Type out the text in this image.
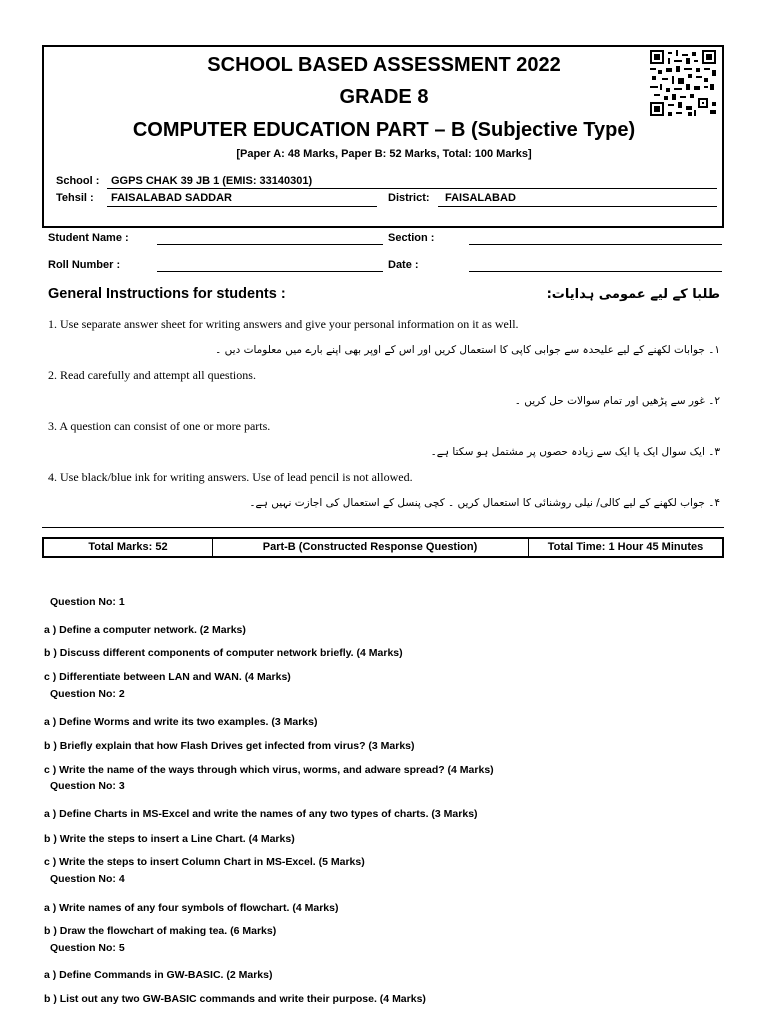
SCHOOL BASED ASSESSMENT 2022
GRADE 8
COMPUTER EDUCATION PART – B (Subjective Type)
[Paper A: 48 Marks, Paper B: 52 Marks, Total: 100 Marks]
School : GGPS CHAK 39 JB 1 (EMIS: 33140301)
Tehsil : FAISALABAD SADDAR	District: FAISALABAD
Student Name :	Section :
Roll Number :	Date :
General Instructions for students :	طلبا کے لیے عمومی ہدایات:
1. Use separate answer sheet for writing answers and give your personal information on it as well.
۱۔ جوابات لکھنے کے لیے علیحدہ سے جوابی کاپی کا استعمال کریں اور اس کے اوپر بھی اپنے بارے میں معلومات دیں ۔
2. Read carefully and attempt all questions.
۲۔ غور سے پڑھیں اور تمام سوالات حل کریں ۔
3. A question can consist of one or more parts.
۳۔ ایک سوال ایک یا ایک سے زیادہ حصوں پر مشتمل ہو سکتا ہے۔
4. Use black/blue ink for writing answers. Use of lead pencil is not allowed.
۴۔ جواب لکھنے کے لیے کالی/ نیلی روشنائی کا استعمال کریں ۔ کچی پنسل کے استعمال کی اجازت نہیں ہے۔
Total Marks: 52	Part-B (Constructed Response Question)	Total Time: 1 Hour 45 Minutes
Question No: 1
a ) Define a computer network. (2 Marks)
b ) Discuss different components of computer network briefly. (4 Marks)
c ) Differentiate between LAN and WAN. (4 Marks)
Question No: 2
a ) Define Worms and write its two examples. (3 Marks)
b ) Briefly explain that how Flash Drives get infected from virus? (3 Marks)
c ) Write the name of the ways through which virus, worms, and adware spread? (4 Marks)
Question No: 3
a ) Define Charts in MS-Excel and write the names of any two types of charts. (3 Marks)
b ) Write the steps to insert a Line Chart. (4 Marks)
c ) Write the steps to insert Column Chart in MS-Excel. (5 Marks)
Question No: 4
a ) Write names of any four symbols of flowchart. (4 Marks)
b ) Draw the flowchart of making tea. (6 Marks)
Question No: 5
a ) Define Commands in GW-BASIC. (2 Marks)
b ) List out any two GW-BASIC commands and write their purpose. (4 Marks)
